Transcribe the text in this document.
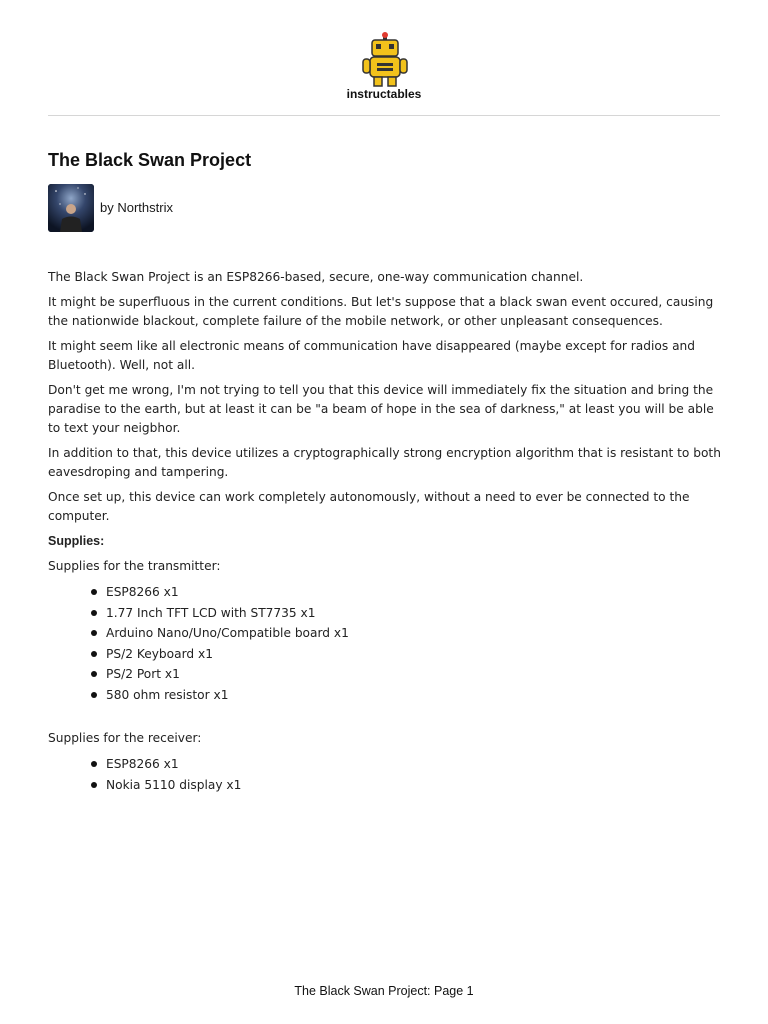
instructables
The Black Swan Project
by Northstrix

The Black Swan Project is an ESP8266-based, secure, one-way communication channel.

It might be superfluous in the current conditions. But let's suppose that a black swan event occured, causing the nationwide blackout, complete failure of the mobile network, or other unpleasant consequences.

It might seem like all electronic means of communication have disappeared (maybe except for radios and Bluetooth). Well, not all.

Don't get me wrong, I'm not trying to tell you that this device will immediately fix the situation and bring the paradise to the earth, but at least it can be "a beam of hope in the sea of darkness," at least you will be able to text your neigbhor.

In addition to that, this device utilizes a cryptographically strong encryption algorithm that is resistant to both eavesdroping and tampering.

Once set up, this device can work completely autonomously, without a need to ever be connected to the computer.

Supplies:

Supplies for the transmitter:

ESP8266 x1
1.77 Inch TFT LCD with ST7735 x1
Arduino Nano/Uno/Compatible board x1
PS/2 Keyboard x1
PS/2 Port x1
580 ohm resistor x1

Supplies for the receiver:

ESP8266 x1
Nokia 5110 display x1
The Black Swan Project: Page 1
